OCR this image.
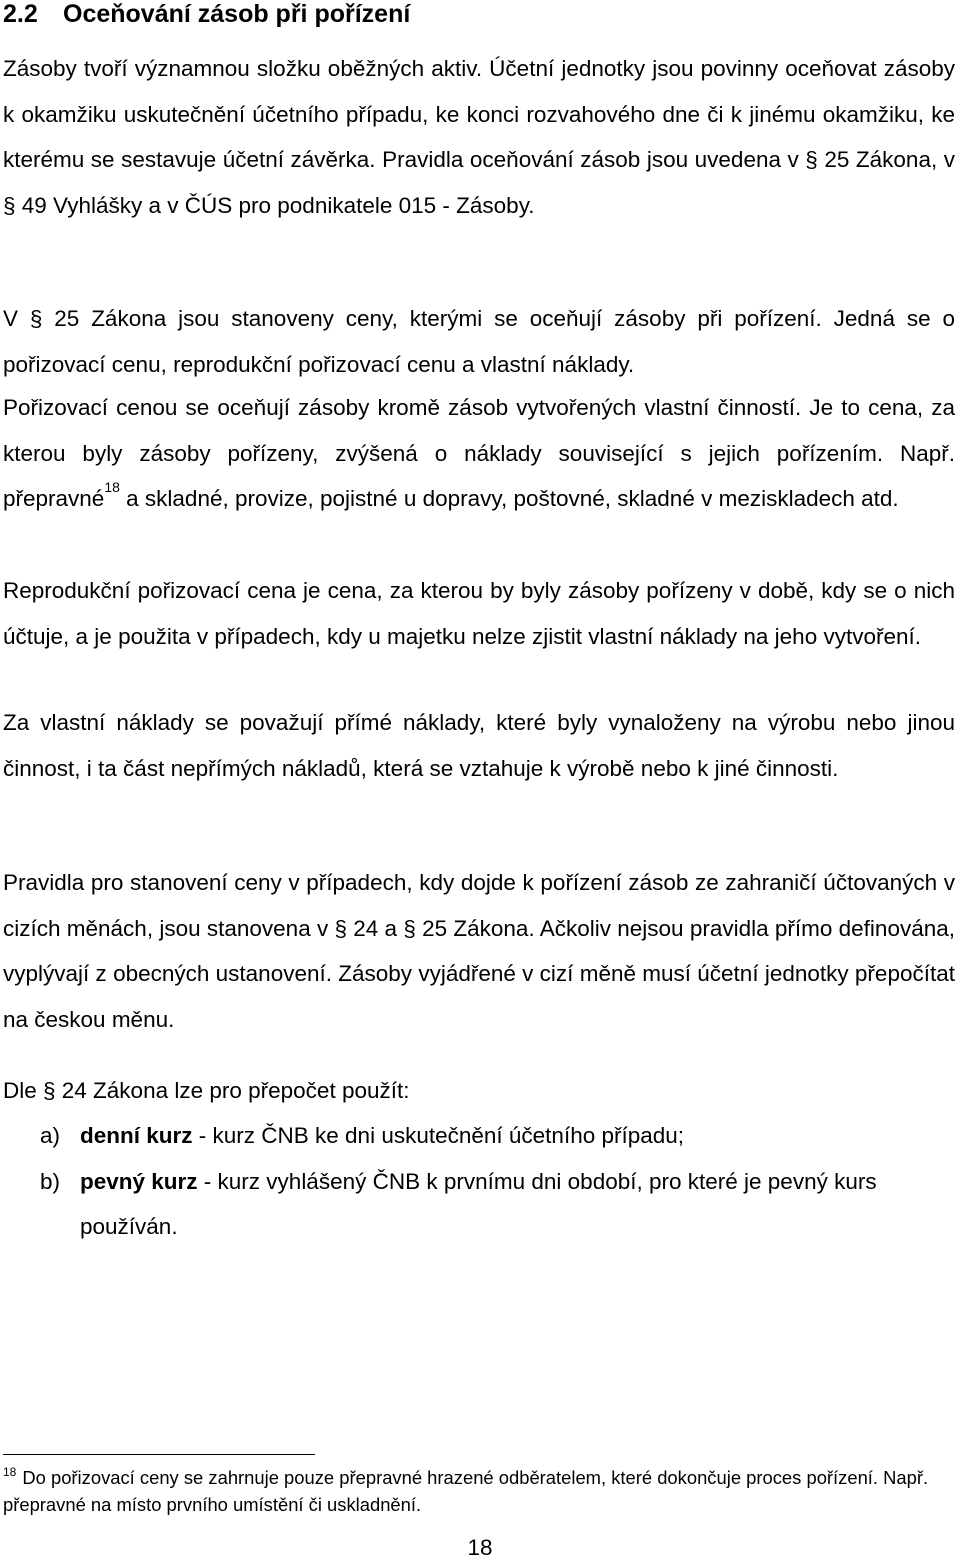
2.2 Oceňování zásob při pořízení

Zásoby tvoří významnou složku oběžných aktiv. Účetní jednotky jsou povinny oceňovat zásoby k okamžiku uskutečnění účetního případu, ke konci rozvahového dne či k jinému okamžiku, ke kterému se sestavuje účetní závěrka. Pravidla oceňování zásob jsou uvedena v § 25 Zákona, v § 49 Vyhlášky a v ČÚS pro podnikatele 015 - Zásoby.

V § 25 Zákona jsou stanoveny ceny, kterými se oceňují zásoby při pořízení. Jedná se o pořizovací cenu, reprodukční pořizovací cenu a vlastní náklady.

Pořizovací cenou se oceňují zásoby kromě zásob vytvořených vlastní činností. Je to cena, za kterou byly zásoby pořízeny, zvýšená o náklady související s jejich pořízením. Např. přepravné$^{18}$ a skladné, provize, pojistné u dopravy, poštovné, skladné v meziskladech atd.

Reprodukční pořizovací cena je cena, za kterou by byly zásoby pořízeny v době, kdy se o nich účtuje, a je použita v případech, kdy u majetku nelze zjistit vlastní náklady na jeho vytvoření.

Za vlastní náklady se považují přímé náklady, které byly vynaloženy na výrobu nebo jinou činnost, i ta část nepřímých nákladů, která se vztahuje k výrobě nebo k jiné činnosti.

Pravidla pro stanovení ceny v případech, kdy dojde k pořízení zásob ze zahraničí účtovaných v cizích měnách, jsou stanovena v § 24 a § 25 Zákona. Ačkoliv nejsou pravidla přímo definována, vyplývají z obecných ustanovení. Zásoby vyjádřené v cizí měně musí účetní jednotky přepočítat na českou měnu.

Dle § 24 Zákona lze pro přepočet použít:

a) denní kurz - kurz ČNB ke dni uskutečnění účetního případu;
b) pevný kurz - kurz vyhlášený ČNB k prvnímu dni období, pro které je pevný kurs používán.

$^{18}$ Do pořizovací ceny se zahrnuje pouze přepravné hrazené odběratelem, které dokončuje proces pořízení. Např. přepravné na místo prvního umístění či uskladnění.

18
